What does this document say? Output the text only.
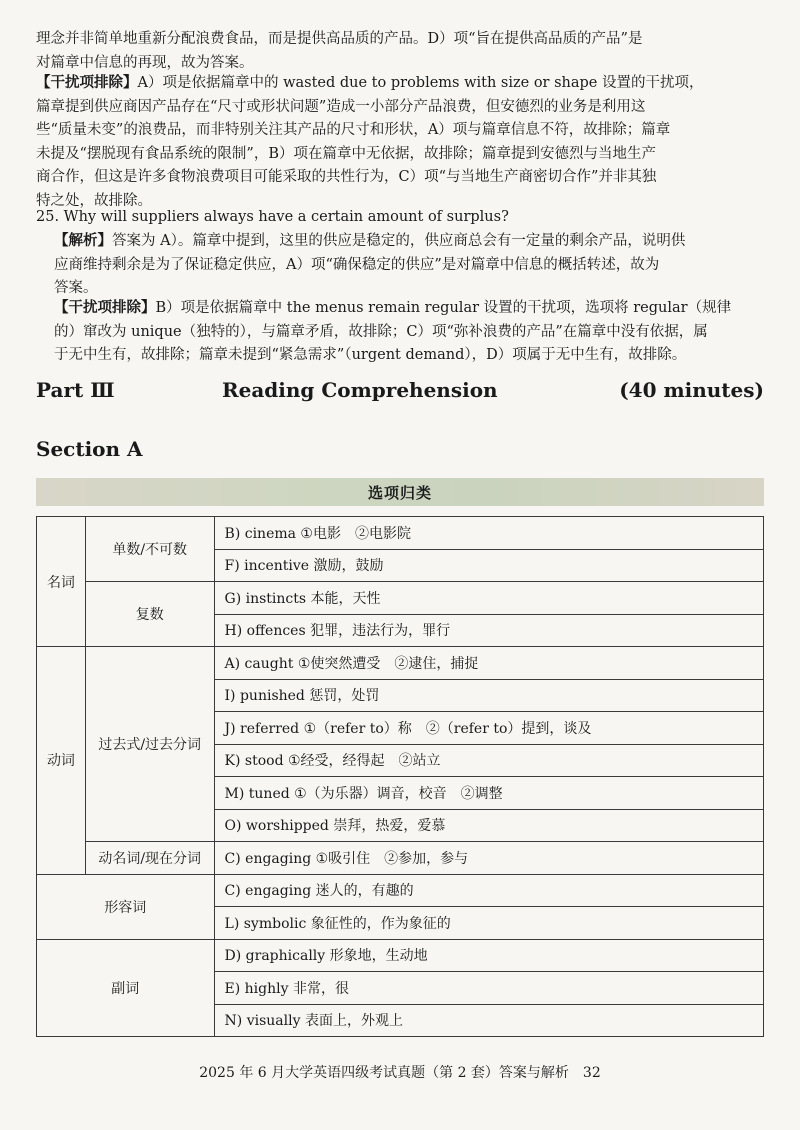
理念并非简单地重新分配浪费食品，而是提供高品质的产品。D）项“旨在提供高品质的产品”是
对篇章中信息的再现，故为答案。
【干扰项排除】A）项是依据篇章中的 wasted due to problems with size or shape 设置的干扰项，
篇章提到供应商因产品存在“尺寸或形状问题”造成一小部分产品浪费，但安德烈的业务是利用这
些“质量未变”的浪费品，而非特别关注其产品的尺寸和形状，A）项与篇章信息不符，故排除；篇章
未提及“摆脱现有食品系统的限制”，B）项在篇章中无依据，故排除；篇章提到安德烈与当地生产
商合作，但这是许多食物浪费项目可能采取的共性行为，C）项“与当地生产商密切合作”并非其独
特之处，故排除。
25. Why will suppliers always have a certain amount of surplus?
【解析】答案为 A）。篇章中提到，这里的供应是稳定的，供应商总会有一定量的剩余产品，说明供
应商维持剩余是为了保证稳定供应，A）项“确保稳定的供应”是对篇章中信息的概括转述，故为
答案。
【干扰项排除】B）项是依据篇章中 the menus remain regular 设置的干扰项，选项将 regular（规律
的）窜改为 unique（独特的），与篇章矛盾，故排除；C）项“弥补浪费的产品”在篇章中没有依据，属
于无中生有，故排除；篇章未提到“紧急需求”（urgent demand），D）项属于无中生有，故排除。
Part Ⅲ	Reading Comprehension	(40 minutes)
Section A
选项归类
名词	单数/不可数	B) cinema ①电影　②电影院
		F) incentive 激励，鼓励
	复数	G) instincts 本能，天性
		H) offences 犯罪，违法行为，罪行
动词	过去式/过去分词	A) caught ①使突然遭受　②逮住，捕捉
		I) punished 惩罚，处罚
		J) referred ①（refer to）称　②（refer to）提到，谈及
		K) stood ①经受，经得起　②站立
		M) tuned ①（为乐器）调音，校音　②调整
		O) worshipped 崇拜，热爱，爱慕
	动名词/现在分词	C) engaging ①吸引住　②参加，参与
形容词		C) engaging 迷人的，有趣的
		L) symbolic 象征性的，作为象征的
副词		D) graphically 形象地，生动地
		E) highly 非常，很
		N) visually 表面上，外观上
2025 年 6 月大学英语四级考试真题（第 2 套）答案与解析　32
